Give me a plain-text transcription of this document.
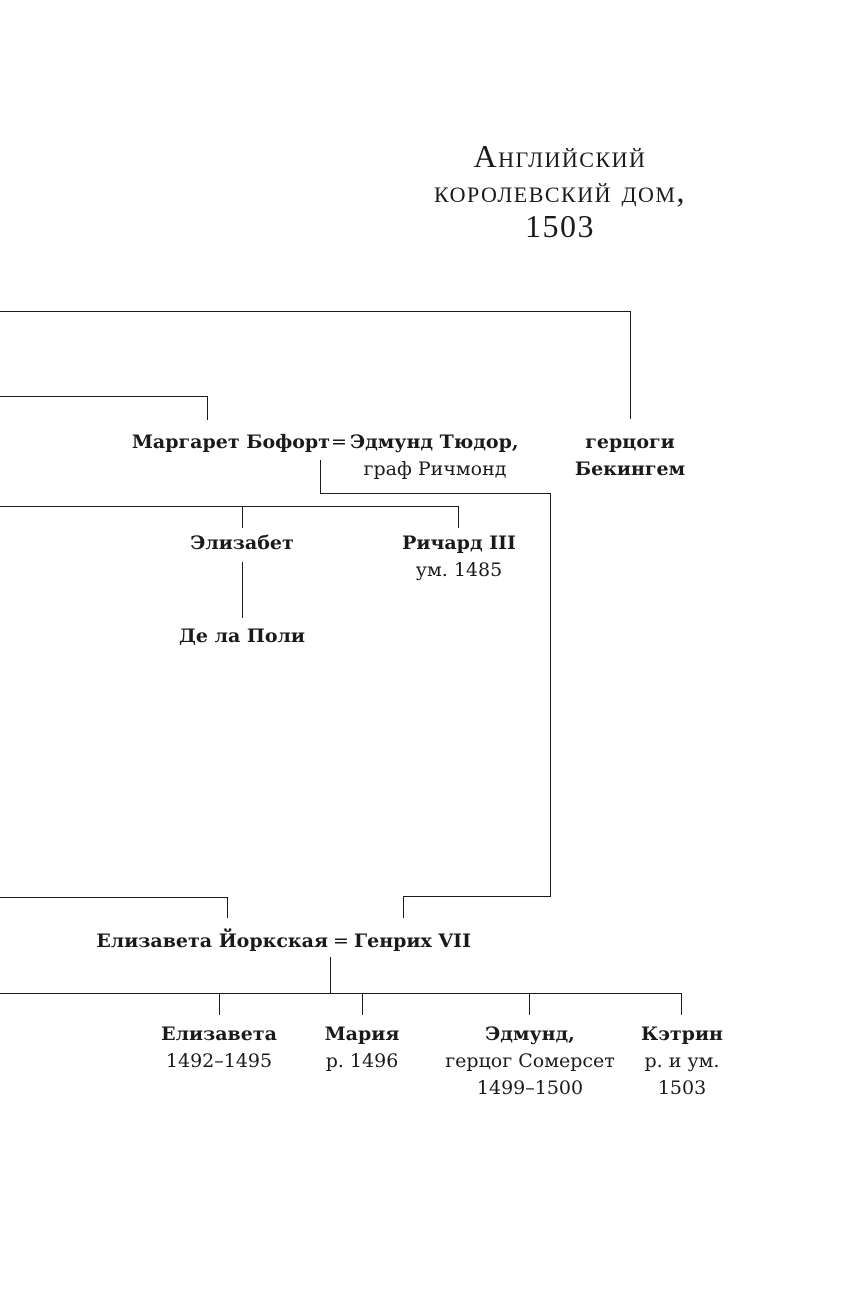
Английский
королевский дом,
1503
Маргарет Бофорт = Эдмунд Тюдор,
граф Ричмонд
герцоги
Бекингем
Элизабет	Ричард III
ум. 1485
Де ла Поли
Елизавета Йоркская = Генрих VII
Елизавета
1492–1495
Мария
р. 1496
Эдмунд,
герцог Сомерсет
1499–1500
Кэтрин
р. и ум.
1503
